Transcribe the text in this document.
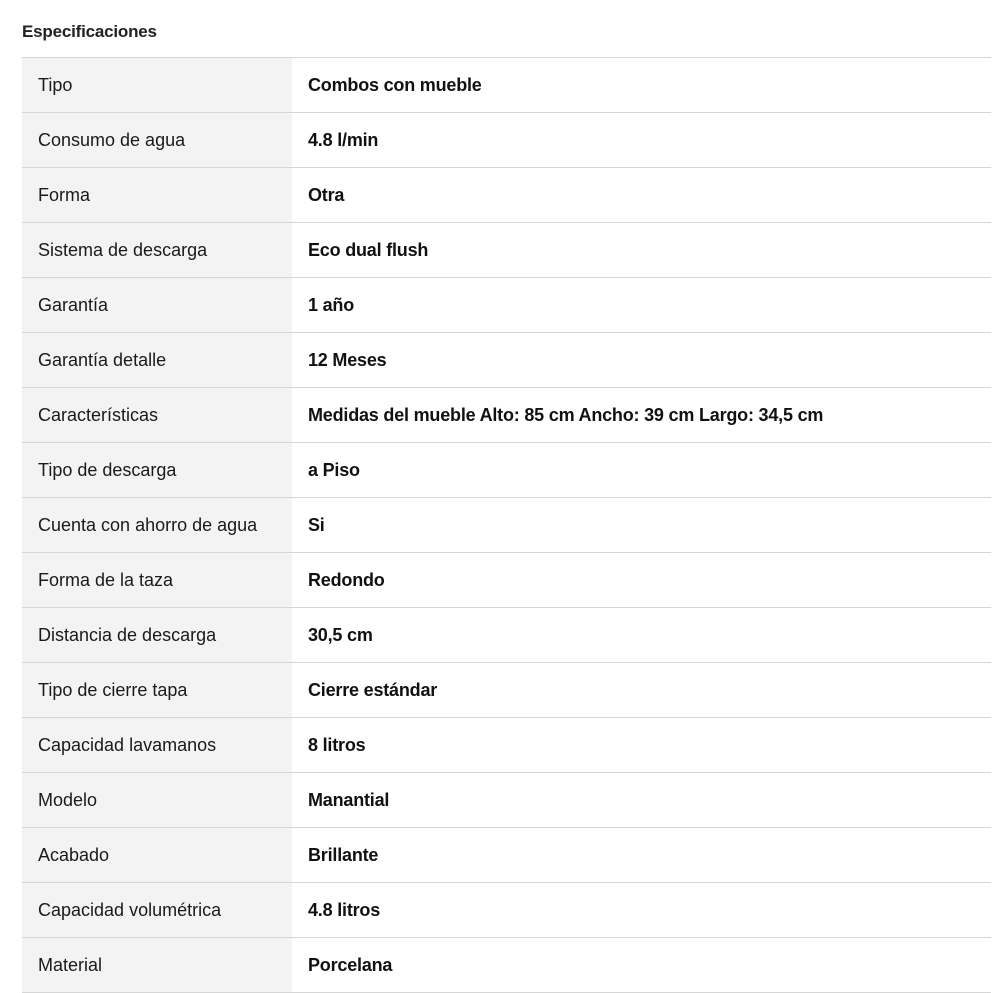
Especificaciones
Tipo	Combos con mueble
Consumo de agua	4.8 l/min
Forma	Otra
Sistema de descarga	Eco dual flush
Garantía	1 año
Garantía detalle	12 Meses
Características	Medidas del mueble Alto: 85 cm Ancho: 39 cm Largo: 34,5 cm
Tipo de descarga	a Piso
Cuenta con ahorro de agua	Si
Forma de la taza	Redondo
Distancia de descarga	30,5 cm
Tipo de cierre tapa	Cierre estándar
Capacidad lavamanos	8 litros
Modelo	Manantial
Acabado	Brillante
Capacidad volumétrica	4.8 litros
Material	Porcelana
